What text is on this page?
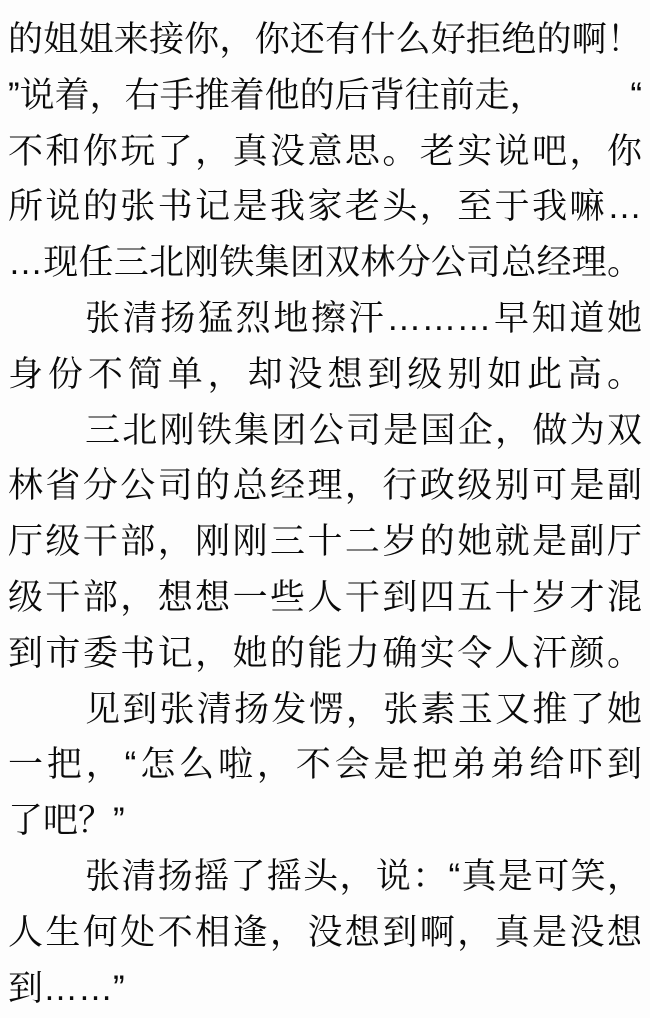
的姐姐来接你，你还有什么好拒绝的啊！
”说着，右手推着他的后背往前走， “
不和你玩了，真没意思。老实说吧，你
所说的张书记是我家老头，至于我嘛…
…现任三北刚铁集团双林分公司总经理。
张清扬猛烈地擦汗………早知道她
身份不简单，却没想到级别如此高。
三北刚铁集团公司是国企，做为双
林省分公司的总经理，行政级别可是副
厅级干部，刚刚三十二岁的她就是副厅
级干部，想想一些人干到四五十岁才混
到市委书记，她的能力确实令人汗颜。
见到张清扬发愣，张素玉又推了她
一把，“怎么啦，不会是把弟弟给吓到
了吧？”
张清扬摇了摇头，说：“真是可笑，
人生何处不相逢，没想到啊，真是没想
到……”
